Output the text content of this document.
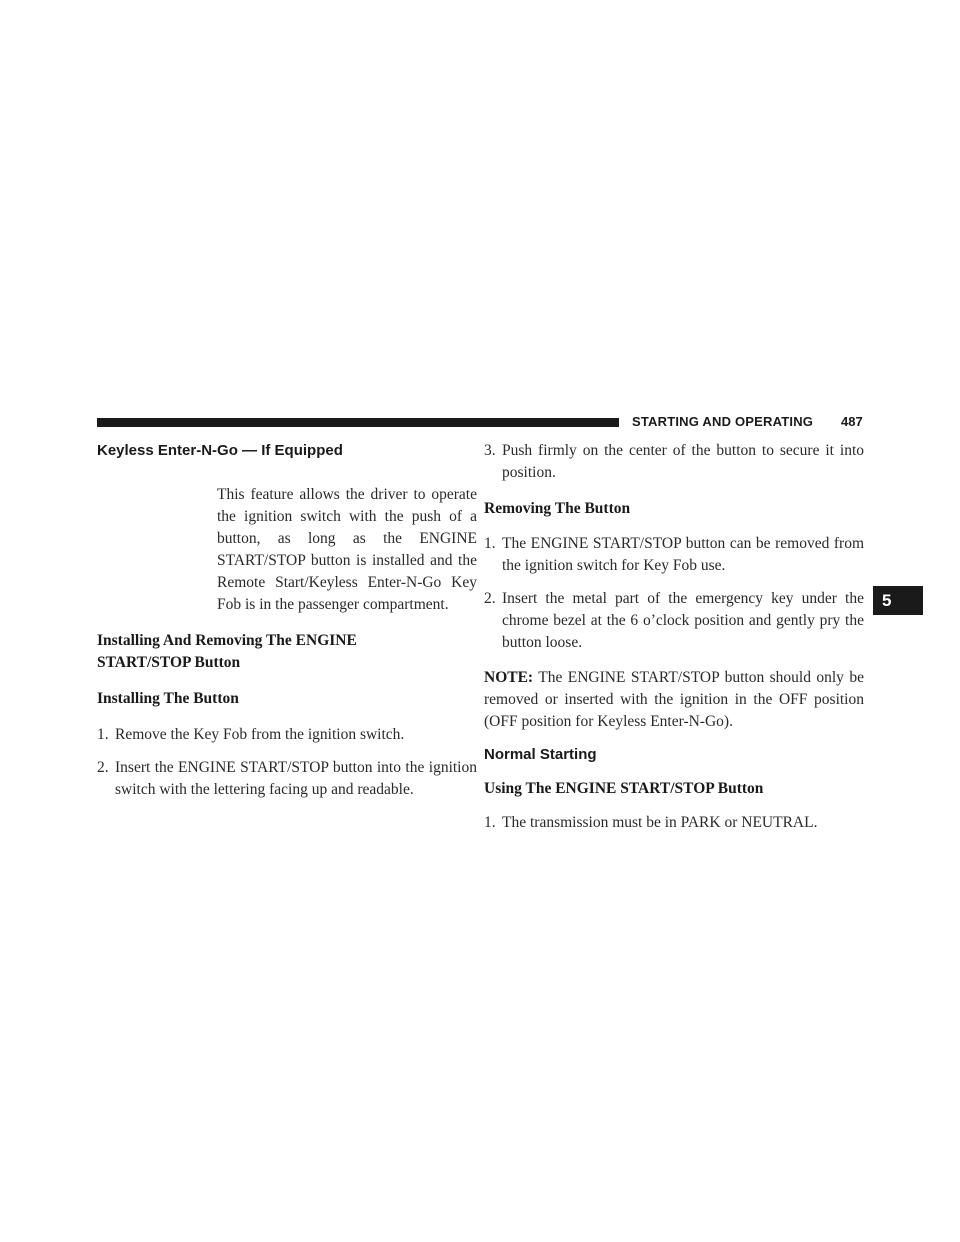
STARTING AND OPERATING 487
5
Keyless Enter-N-Go — If Equipped

This feature allows the driver to operate the ignition switch with the push of a button, as long as the ENGINE START/STOP button is installed and the Remote Start/Keyless Enter-N-Go Key Fob is in the passenger compartment.

Installing And Removing The ENGINE START/STOP Button
Installing The Button

1. Remove the Key Fob from the ignition switch.

2. Insert the ENGINE START/STOP button into the ignition switch with the lettering facing up and readable.

3. Push firmly on the center of the button to secure it into position.

Removing The Button

1. The ENGINE START/STOP button can be removed from the ignition switch for Key Fob use.

2. Insert the metal part of the emergency key under the chrome bezel at the 6 o’clock position and gently pry the button loose.

NOTE: The ENGINE START/STOP button should only be removed or inserted with the ignition in the OFF position (OFF position for Keyless Enter-N-Go).

Normal Starting
Using The ENGINE START/STOP Button

1. The transmission must be in PARK or NEUTRAL.
